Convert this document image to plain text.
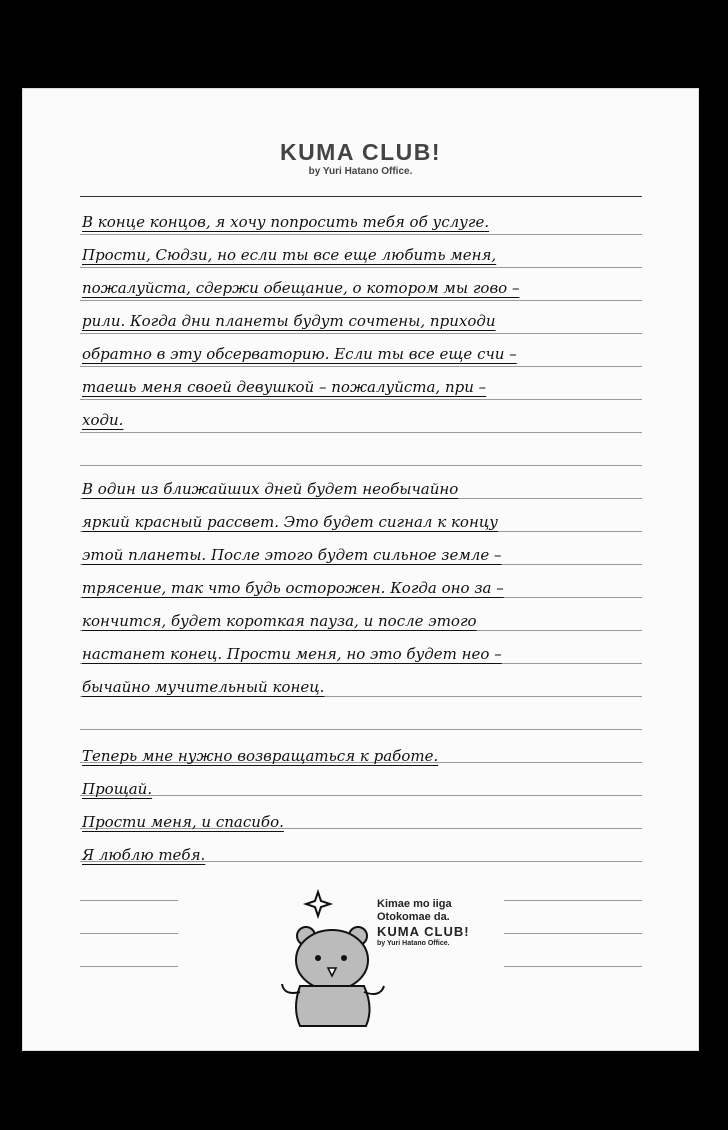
KUMA CLUB!
by Yuri Hatano Office.
В конце концов, я хочу попросить тебя об услуге.
Прости, Сюдзи, но если ты все еще любить меня,
пожалуйста, сдержи обещание, о котором мы гово –
рили. Когда дни планеты будут сочтены, приходи
обратно в эту обсерваторию. Если ты все еще счи –
таешь меня своей девушкой – пожалуйста, при –
ходи.
В один из ближайших дней будет необычайно
яркий красный рассвет. Это будет сигнал к концу
этой планеты. После этого будет сильное земле –
трясение, так что будь осторожен. Когда оно за –
кончится, будет короткая пауза, и после этого
настанет конец. Прости меня, но это будет нео –
бычайно мучительный конец.
Теперь мне нужно возвращаться к работе.
Прощай.
Прости меня, и спасибо.
Я люблю тебя.
Kimae mo iiga
Otokomae da.
KUMA CLUB!
by Yuri Hatano Office.
